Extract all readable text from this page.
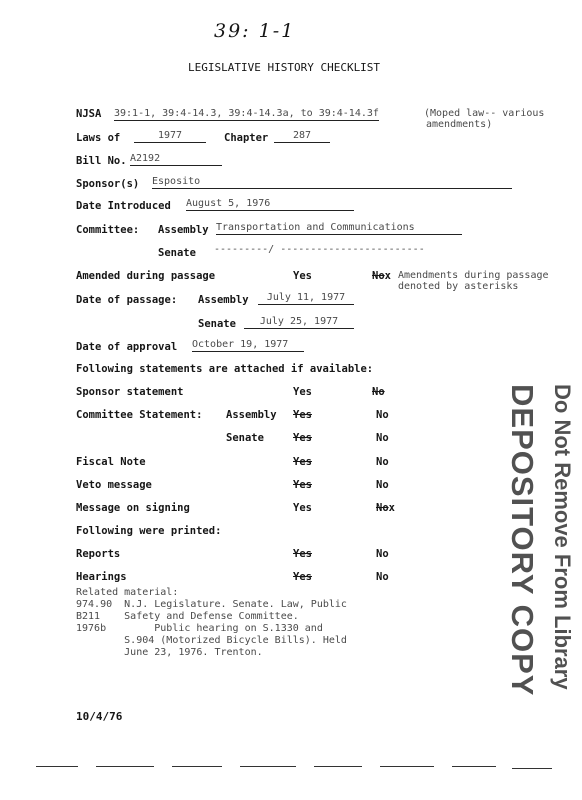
39: 1-1
LEGISLATIVE HISTORY CHECKLIST
NJSA 39:1-1, 39:4-14.3, 39:4-14.3a, to 39:4-14.3f	(Moped law-- various
amendments)
Laws of	1977	Chapter	287
Bill No. A2192
Sponsor(s) Esposito
Date Introduced August 5, 1976
Committee: Assembly Transportation and Communications
Senate ---------/ ------------------------
Amended during passage	Yes	Nox Amendments during passage
denoted by asterisks
Date of passage: Assembly	July 11, 1977
Senate	July 25, 1977
Date of approval October 19, 1977
Following statements are attached if available:
Sponsor statement	Yes	No
Committee Statement: Assembly Yes	No
Senate	Yes	No
Fiscal Note	Yes	No
Veto message	Yes	No
Message on signing	Yes	Nox
Following were printed:
Reports	Yes	No
Hearings	Yes	No
Related material:
974.90  N.J. Legislature. Senate. Law, Public
B211    Safety and Defense Committee.
1976b        Public hearing on S.1330 and
S.904 (Motorized Bicycle Bills). Held
June 23, 1976. Trenton.
10/4/76
Do Not Remove From Library
DEPOSITORY COPY
